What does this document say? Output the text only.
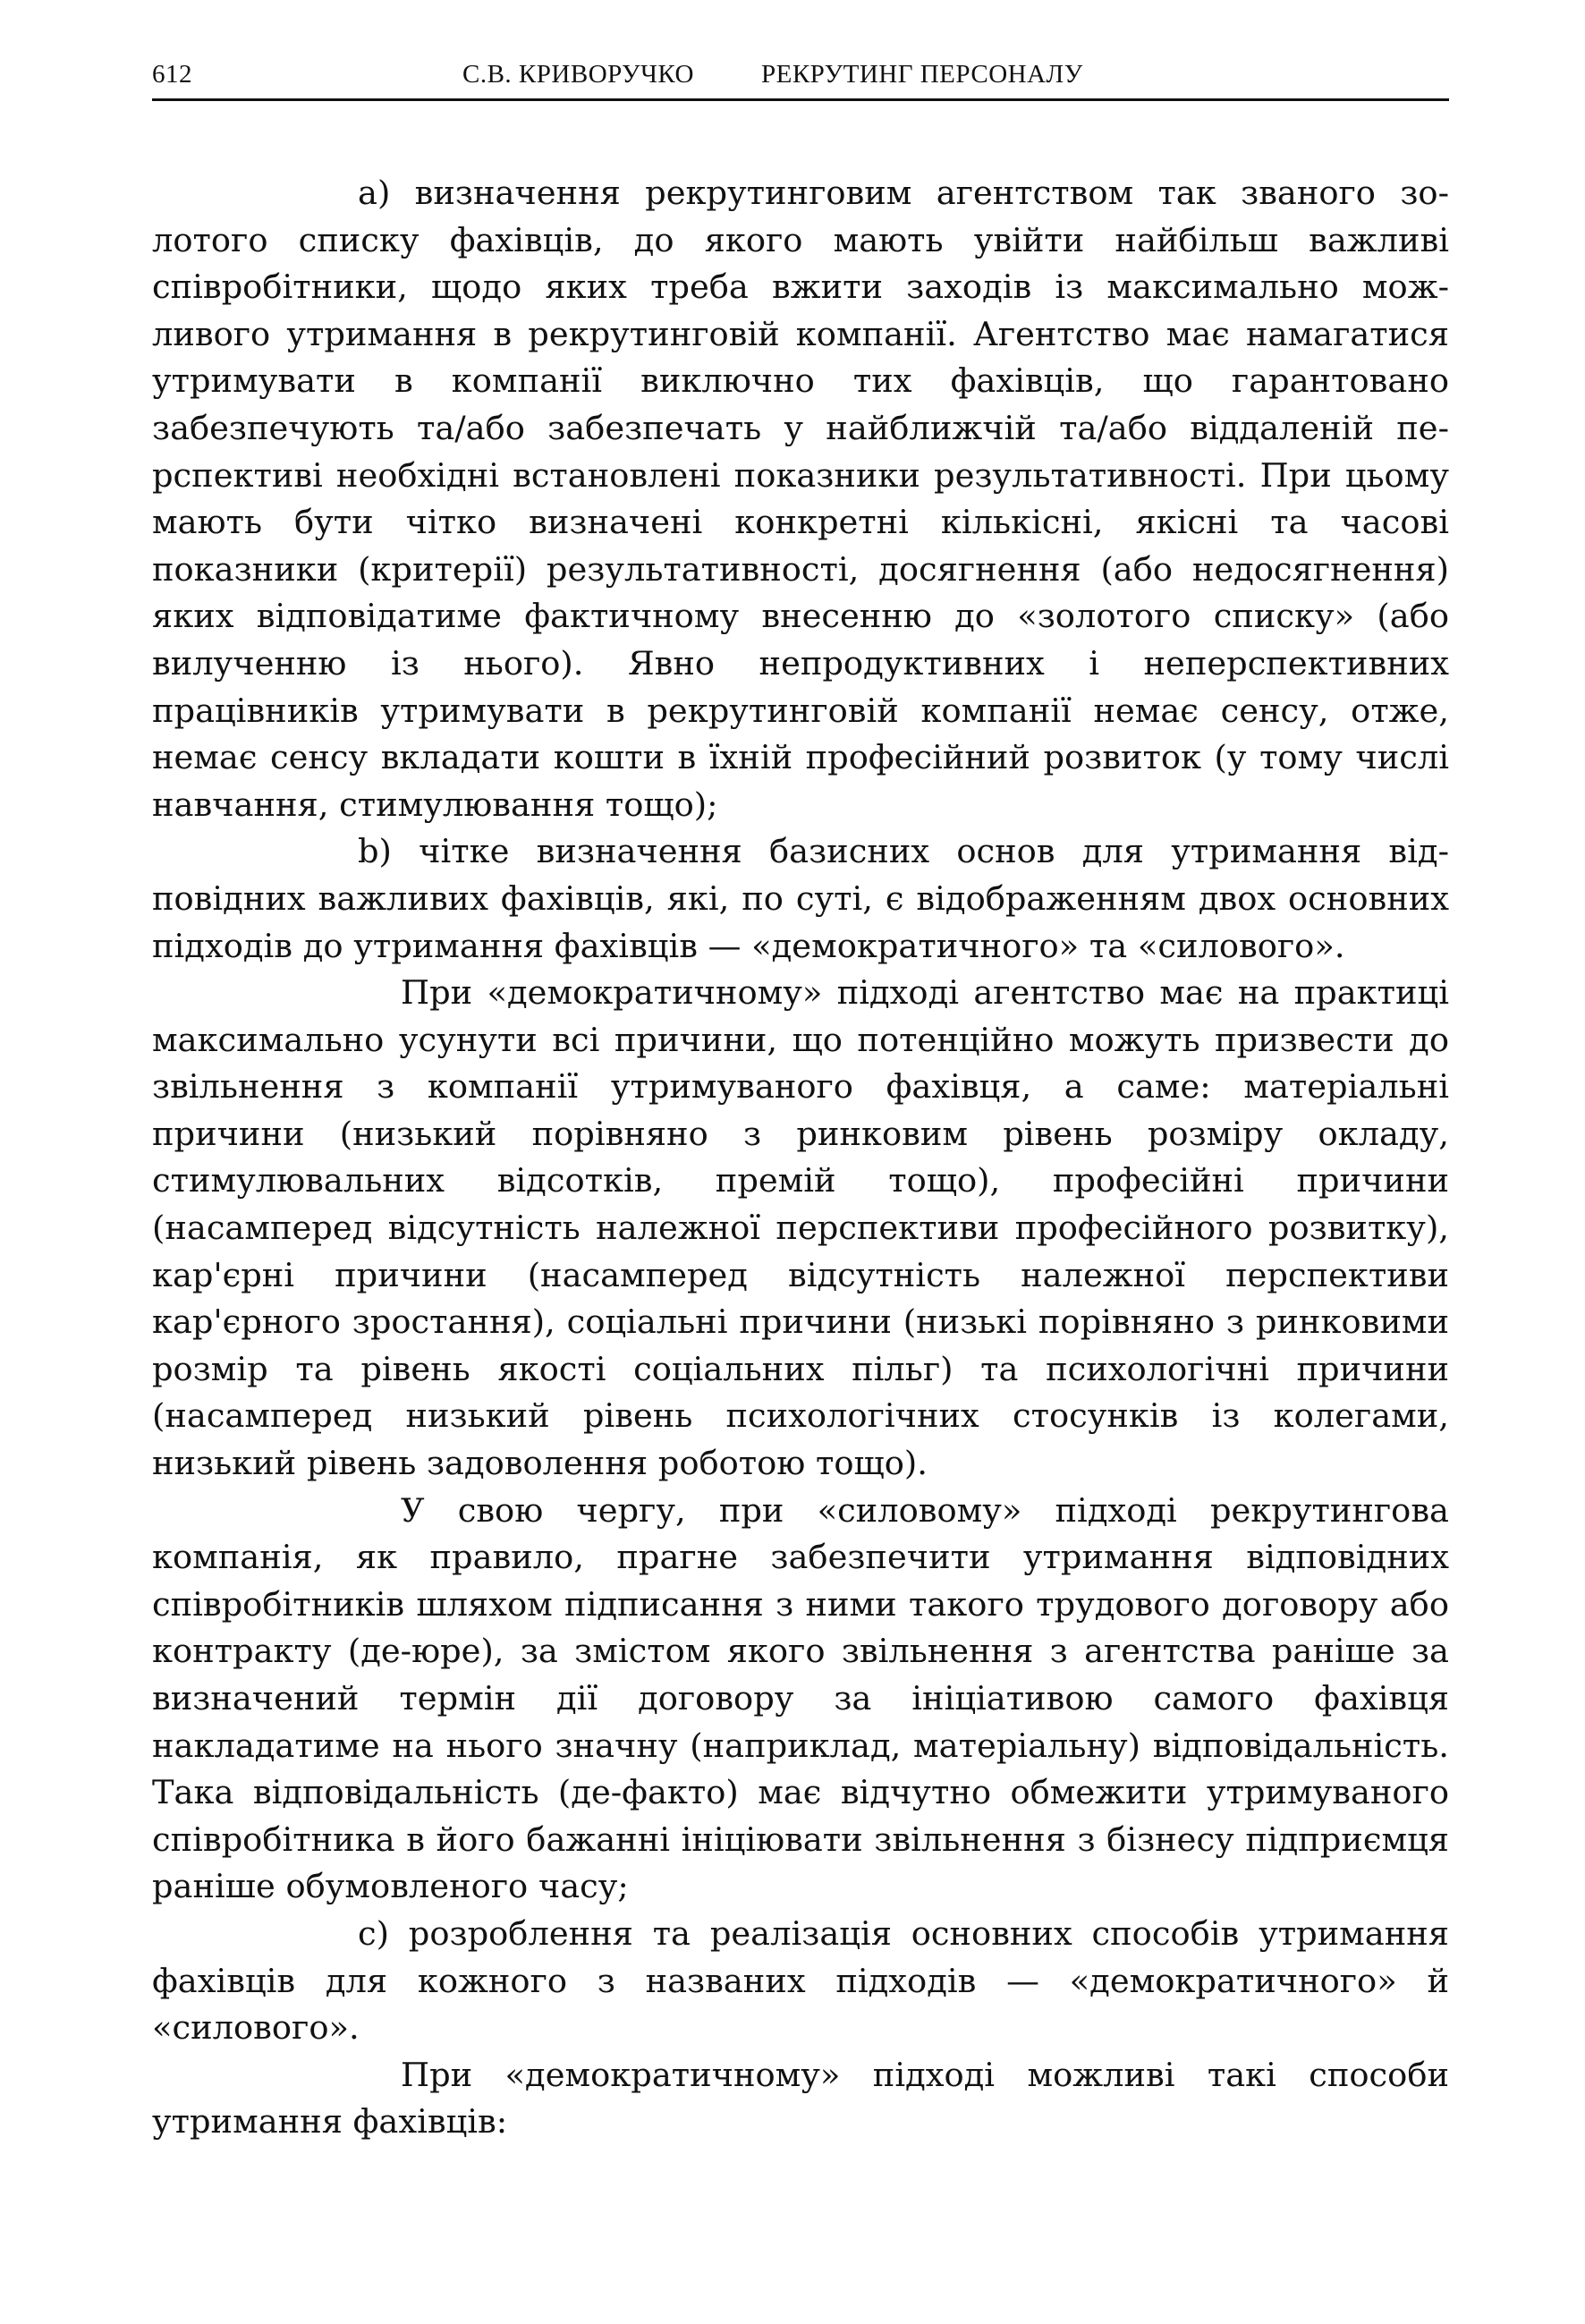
612	С.В. КРИВОРУЧКО	РЕКРУТИНГ ПЕРСОНАЛУ

а) визначення рекрутинговим агентством так званого золотого списку фахівців, до якого мають увійти найбільш важливі співробітники, щодо яких треба вжити заходів із максимально можливого утримання в рекрутинговій компанії. Агентство має намагатися утримувати в компанії виключно тих фахівців, що гарантовано забезпечують та/або забезпечать у найближчій та/або віддаленій перспективі необхідні встановлені показники результативності. При цьому мають бути чітко визначені конкретні кількісні, якісні та часові показники (критерії) результативності, досягнення (або недосягнення) яких відповідатиме фактичному внесенню до «золотого списку» (або вилученню із нього). Явно непродуктивних і неперспективних працівників утримувати в рекрутинговій компанії немає сенсу, отже, немає сенсу вкладати кошти в їхній професійний розвиток (у тому числі навчання, стимулювання тощо);

b) чітке визначення базисних основ для утримання відповідних важливих фахівців, які, по суті, є відображенням двох основних підходів до утримання фахівців — «демократичного» та «силового».

При «демократичному» підході агентство має на практиці максимально усунути всі причини, що потенційно можуть призвести до звільнення з компанії утримуваного фахівця, а саме: матеріальні причини (низький порівняно з ринковим рівень розміру окладу, стимулювальних відсотків, премій тощо), професійні причини (насамперед відсутність належної перспективи професійного розвитку), кар'єрні причини (насамперед відсутність належної перспективи кар'єрного зростання), соціальні причини (низькі порівняно з ринковими розмір та рівень якості соціальних пільг) та психологічні причини (насамперед низький рівень психологічних стосунків із колегами, низький рівень задоволення роботою тощо).

У свою чергу, при «силовому» підході рекрутингова компанія, як правило, прагне забезпечити утримання відповідних співробітників шляхом підписання з ними такого трудового договору або контракту (де-юре), за змістом якого звільнення з агентства раніше за визначений термін дії договору за ініціативою самого фахівця накладатиме на нього значну (наприклад, матеріальну) відповідальність. Така відповідальність (де-факто) має відчутно обмежити утримуваного співробітника в його бажанні ініціювати звільнення з бізнесу підприємця раніше обумовленого часу;

c) розроблення та реалізація основних способів утримання фахівців для кожного з названих підходів — «демократичного» й «силового».

При «демократичному» підході можливі такі способи утримання фахівців:
